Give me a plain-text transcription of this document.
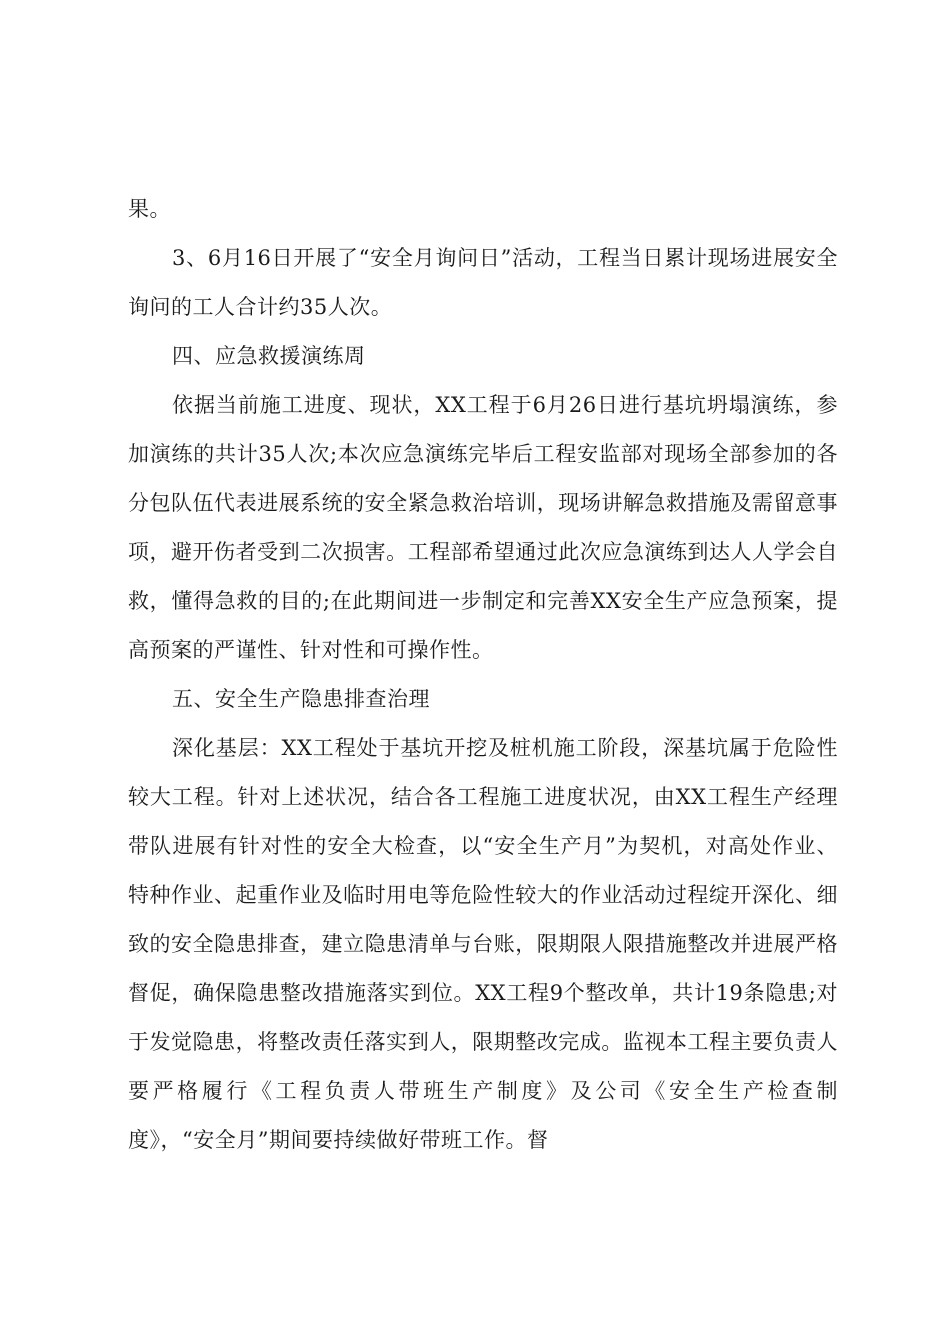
果。

3、6月16日开展了“安全月询问日”活动，工程当日累计现场进展安全询问的工人合计约35人次。

四、应急救援演练周

依据当前施工进度、现状，XX工程于6月26日进行基坑坍塌演练，参加演练的共计35人次;本次应急演练完毕后工程安监部对现场全部参加的各分包队伍代表进展系统的安全紧急救治培训，现场讲解急救措施及需留意事项，避开伤者受到二次损害。工程部希望通过此次应急演练到达人人学会自救，懂得急救的目的;在此期间进一步制定和完善XX安全生产应急预案，提高预案的严谨性、针对性和可操作性。

五、安全生产隐患排查治理

深化基层：XX工程处于基坑开挖及桩机施工阶段，深基坑属于危险性较大工程。针对上述状况，结合各工程施工进度状况，由XX工程生产经理带队进展有针对性的安全大检查，以“安全生产月”为契机，对高处作业、特种作业、起重作业及临时用电等危险性较大的作业活动过程绽开深化、细致的安全隐患排查，建立隐患清单与台账，限期限人限措施整改并进展严格督促，确保隐患整改措施落实到位。XX工程9个整改单，共计19条隐患;对于发觉隐患，将整改责任落实到人，限期整改完成。监视本工程主要负责人要严格履行《工程负责人带班生产制度》及公司《安全生产检查制度》，“安全月”期间要持续做好带班工作。督
